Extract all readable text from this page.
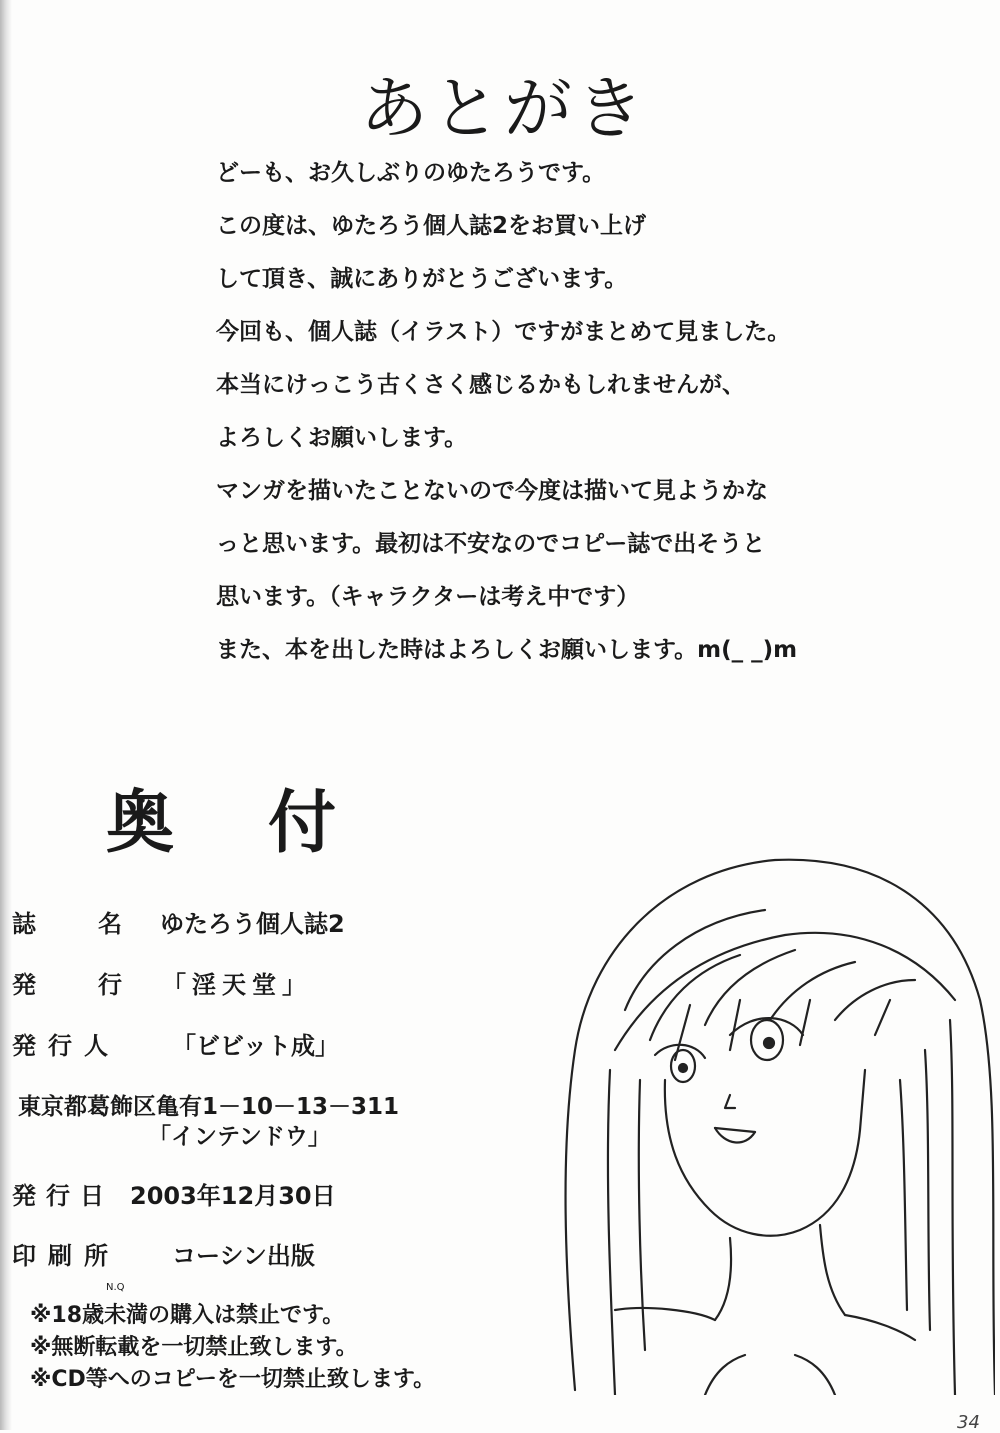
あとがき
どーも、お久しぶりのゆたろうです。
この度は、ゆたろう個人誌2をお買い上げ
して頂き、誠にありがとうございます。
今回も、個人誌（イラスト）ですがまとめて見ました。
本当にけっこう古くさく感じるかもしれませんが、
よろしくお願いします。
マンガを描いたことないので今度は描いて見ようかな
っと思います。最初は不安なのでコピー誌で出そうと
思います。（キャラクターは考え中です）
また、本を出した時はよろしくお願いします。m(_ _)m
奥 付
誌名
ゆたろう個人誌2
発行
「淫天堂」
発行人 「ビビット成」
東京都葛飾区亀有1－10－13－311
「インテンドウ」
発行日 2003年12月30日
印刷所 コーシン出版
N.Q
※18歳未満の購入は禁止です。
※無断転載を一切禁止致します。
※CD等へのコピーを一切禁止致します。
34
